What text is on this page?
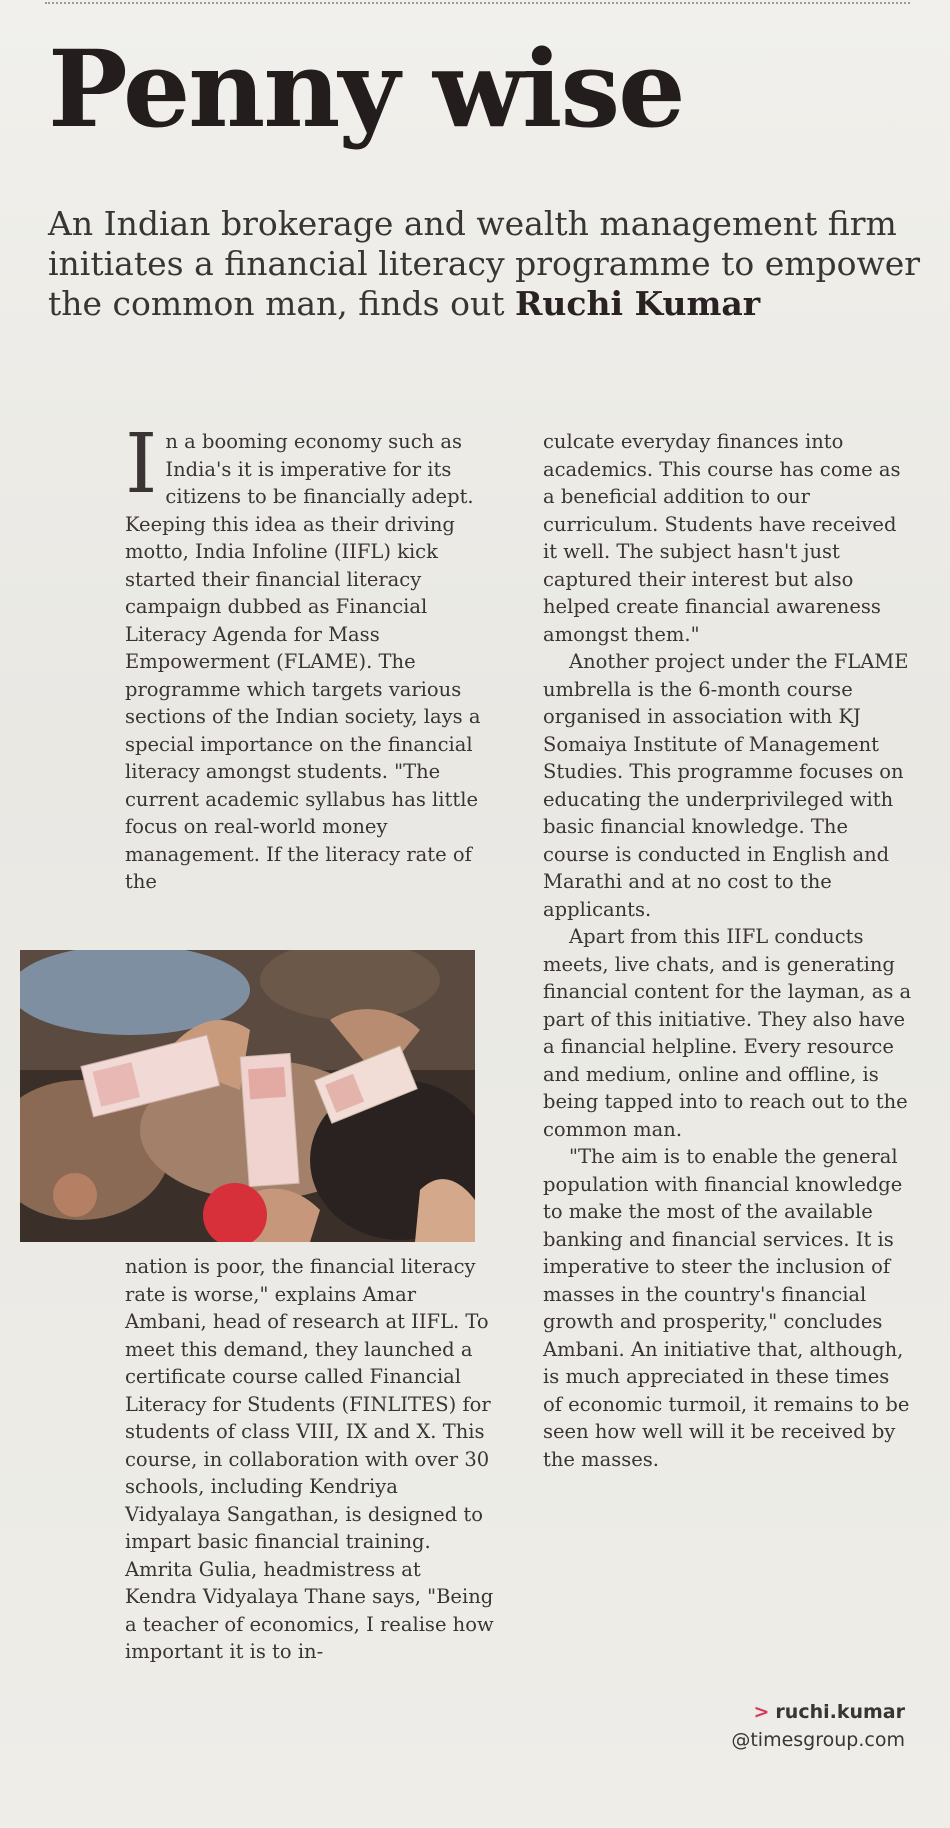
Penny wise

An Indian brokerage and wealth management firm initiates a financial literacy programme to empower the common man, finds out Ruchi Kumar

In a booming economy such as India's it is imperative for its citizens to be financially adept. Keeping this idea as their driving motto, India Infoline (IIFL) kick started their financial literacy campaign dubbed as Financial Literacy Agenda for Mass Empowerment (FLAME). The programme which targets various sections of the Indian society, lays a special importance on the financial literacy amongst students. "The current academic syllabus has little focus on real-world money management. If the literacy rate of the

nation is poor, the financial literacy rate is worse," explains Amar Ambani, head of research at IIFL. To meet this demand, they launched a certificate course called Financial Literacy for Students (FINLITES) for students of class VIII, IX and X. This course, in collaboration with over 30 schools, including Kendriya Vidyalaya Sangathan, is designed to impart basic financial training. Amrita Gulia, headmistress at Kendra Vidyalaya Thane says, "Being a teacher of economics, I realise how important it is to in-

culcate everyday finances into academics. This course has come as a beneficial addition to our curriculum. Students have received it well. The subject hasn't just captured their interest but also helped create financial awareness amongst them."

Another project under the FLAME umbrella is the 6-month course organised in association with KJ Somaiya Institute of Management Studies. This programme focuses on educating the underprivileged with basic financial knowledge. The course is conducted in English and Marathi and at no cost to the applicants.

Apart from this IIFL conducts meets, live chats, and is generating financial content for the layman, as a part of this initiative. They also have a financial helpline. Every resource and medium, online and offline, is being tapped into to reach out to the common man.

"The aim is to enable the general population with financial knowledge to make the most of the available banking and financial services. It is imperative to steer the inclusion of masses in the country's financial growth and prosperity," concludes Ambani. An initiative that, although, is much appreciated in these times of economic turmoil, it remains to be seen how well will it be received by the masses.

> ruchi.kumar
@timesgroup.com
